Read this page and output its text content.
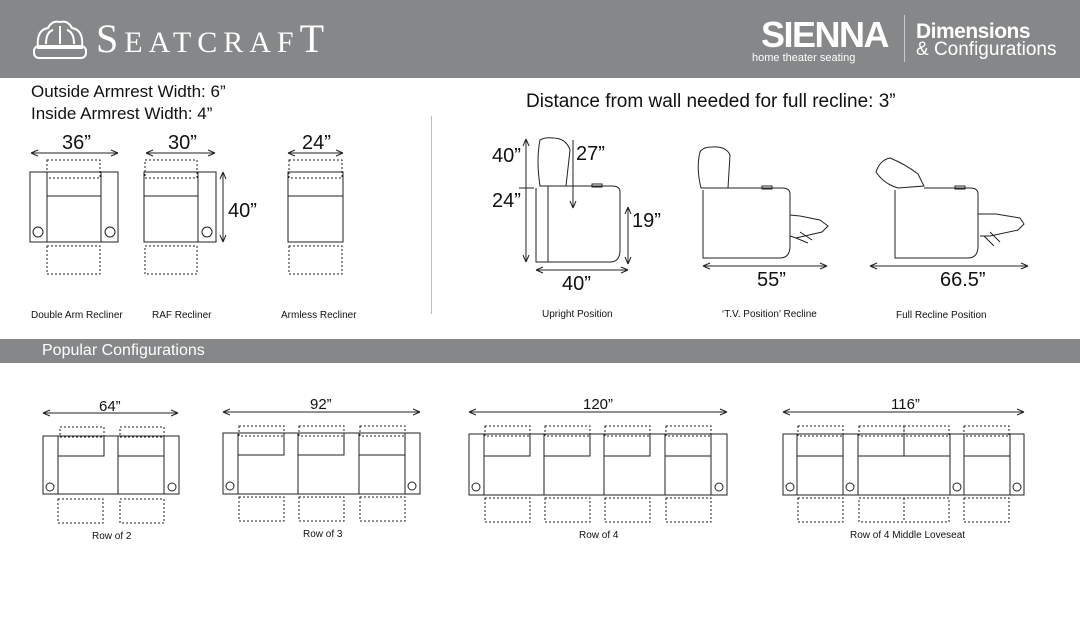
SEATCRAFT	SIENNA
home theater seating
Dimensions
& Configurations
Outside Armrest Width: 6”
Inside Armrest Width: 4”
Distance from wall needed for full recline: 3”
36”	30”	24”
40”
Double Arm Recliner	RAF Recliner	Armless Recliner
40”	27”
24”
19”
40”	55”	66.5”
Upright Position	‘T.V. Position’ Recline	Full Recline Position
Popular Configurations
64”	92”	120”	116”
Row of 2	Row of 3	Row of 4	Row of 4 Middle Loveseat
